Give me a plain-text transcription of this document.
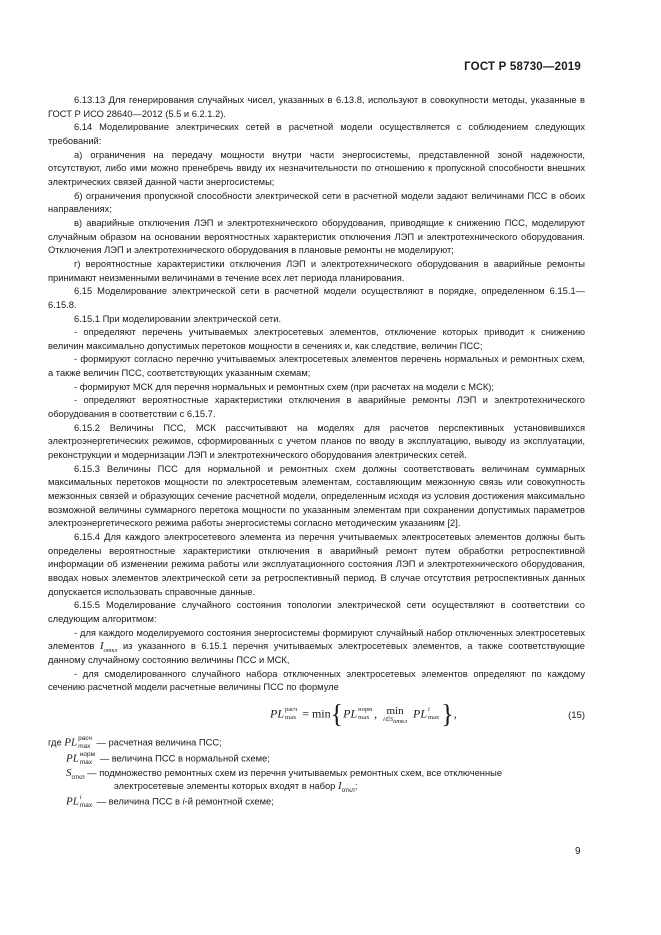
ГОСТ Р 58730—2019

6.13.13 Для генерирования случайных чисел, указанных в 6.13.8, используют в совокупности методы, указанные в ГОСТ Р ИСО 28640—2012 (5.5 и 6.2.1.2).

6.14 Моделирование электрических сетей в расчетной модели осуществляется с соблюдением следующих требований:

а) ограничения на передачу мощности внутри части энергосистемы, представленной зоной надежности, отсутствуют, либо ими можно пренебречь ввиду их незначительности по отношению к пропускной способности внешних электрических связей данной части энергосистемы;

б) ограничения пропускной способности электрической сети в расчетной модели задают величинами ПСС в обоих направлениях;

в) аварийные отключения ЛЭП и электротехнического оборудования, приводящие к снижению ПСС, моделируют случайным образом на основании вероятностных характеристик отключения ЛЭП и электротехнического оборудования. Отключения ЛЭП и электротехнического оборудования в плановые ремонты не моделируют;

г) вероятностные характеристики отключения ЛЭП и электротехнического оборудования в аварийные ремонты принимают неизменными величинами в течение всех лет периода планирования.

6.15 Моделирование электрической сети в расчетной модели осуществляют в порядке, определенном 6.15.1—6.15.8.

6.15.1 При моделировании электрической сети.

- определяют перечень учитываемых электросетевых элементов, отключение которых приводит к снижению величин максимально допустимых перетоков мощности в сечениях и, как следствие, величин ПСС;

- формируют согласно перечню учитываемых электросетевых элементов перечень нормальных и ремонтных схем, а также величин ПСС, соответствующих указанным схемам;

- формируют МСК для перечня нормальных и ремонтных схем (при расчетах на модели с МСК);

- определяют вероятностные характеристики отключения в аварийные ремонты ЛЭП и электротехнического оборудования в соответствии с 6.15.7.

6.15.2 Величины ПСС, МСК рассчитывают на моделях для расчетов перспективных установившихся электроэнергетических режимов, сформированных с учетом планов по вводу в эксплуатацию, выводу из эксплуатации, реконструкции и модернизации ЛЭП и электротехнического оборудования электрических сетей.

6.15.3 Величины ПСС для нормальной и ремонтных схем должны соответствовать величинам суммарных максимальных перетоков мощности по электросетевым элементам, составляющим межзонную связь или совокупность межзонных связей и образующих сечение расчетной модели, определенным исходя из условия достижения максимально возможной величины суммарного перетока мощности по указанным элементам при сохранении допустимых параметров электроэнергетического режима работы энергосистемы согласно методическим указаниям [2].

6.15.4 Для каждого электросетевого элемента из перечня учитываемых электросетевых элементов должны быть определены вероятностные характеристики отключения в аварийный ремонт путем обработки ретроспективной информации об изменении режима работы или эксплуатационного состояния ЛЭП и электротехнического оборудования, вводах новых элементов электрической сети за ретроспективный период. В случае отсутствия ретроспективных данных допускается использовать справочные данные.

6.15.5 Моделирование случайного состояния топологии электрической сети осуществляют в соответствии со следующим алгоритмом:

- для каждого моделируемого состояния энергосистемы формируют случайный набор отключенных электросетевых элементов $I_{откл}$ из указанного в 6.15.1 перечня учитываемых электросетевых элементов, а также соответствующие данному случайному состоянию величины ПСС и МСК,

- для смоделированного случайного набора отключенных электросетевых элементов определяют по каждому сечению расчетной модели расчетные величины ПСС по формуле

PL расч
max = min{PL норм
max , min
$i\in S_{откл}$
PL i
max },	(15)

где PL расч
max — расчетная величина ПСС;

PL норм
max — величина ПСС в нормальной схеме;

$S_{откл}$ — подмножество ремонтных схем из перечня учитываемых ремонтных схем, все отключенные
электросетевые элементы которых входят в набор $I_{откл}$;

PL i
max — величина ПСС в i-й ремонтной схеме;

9
